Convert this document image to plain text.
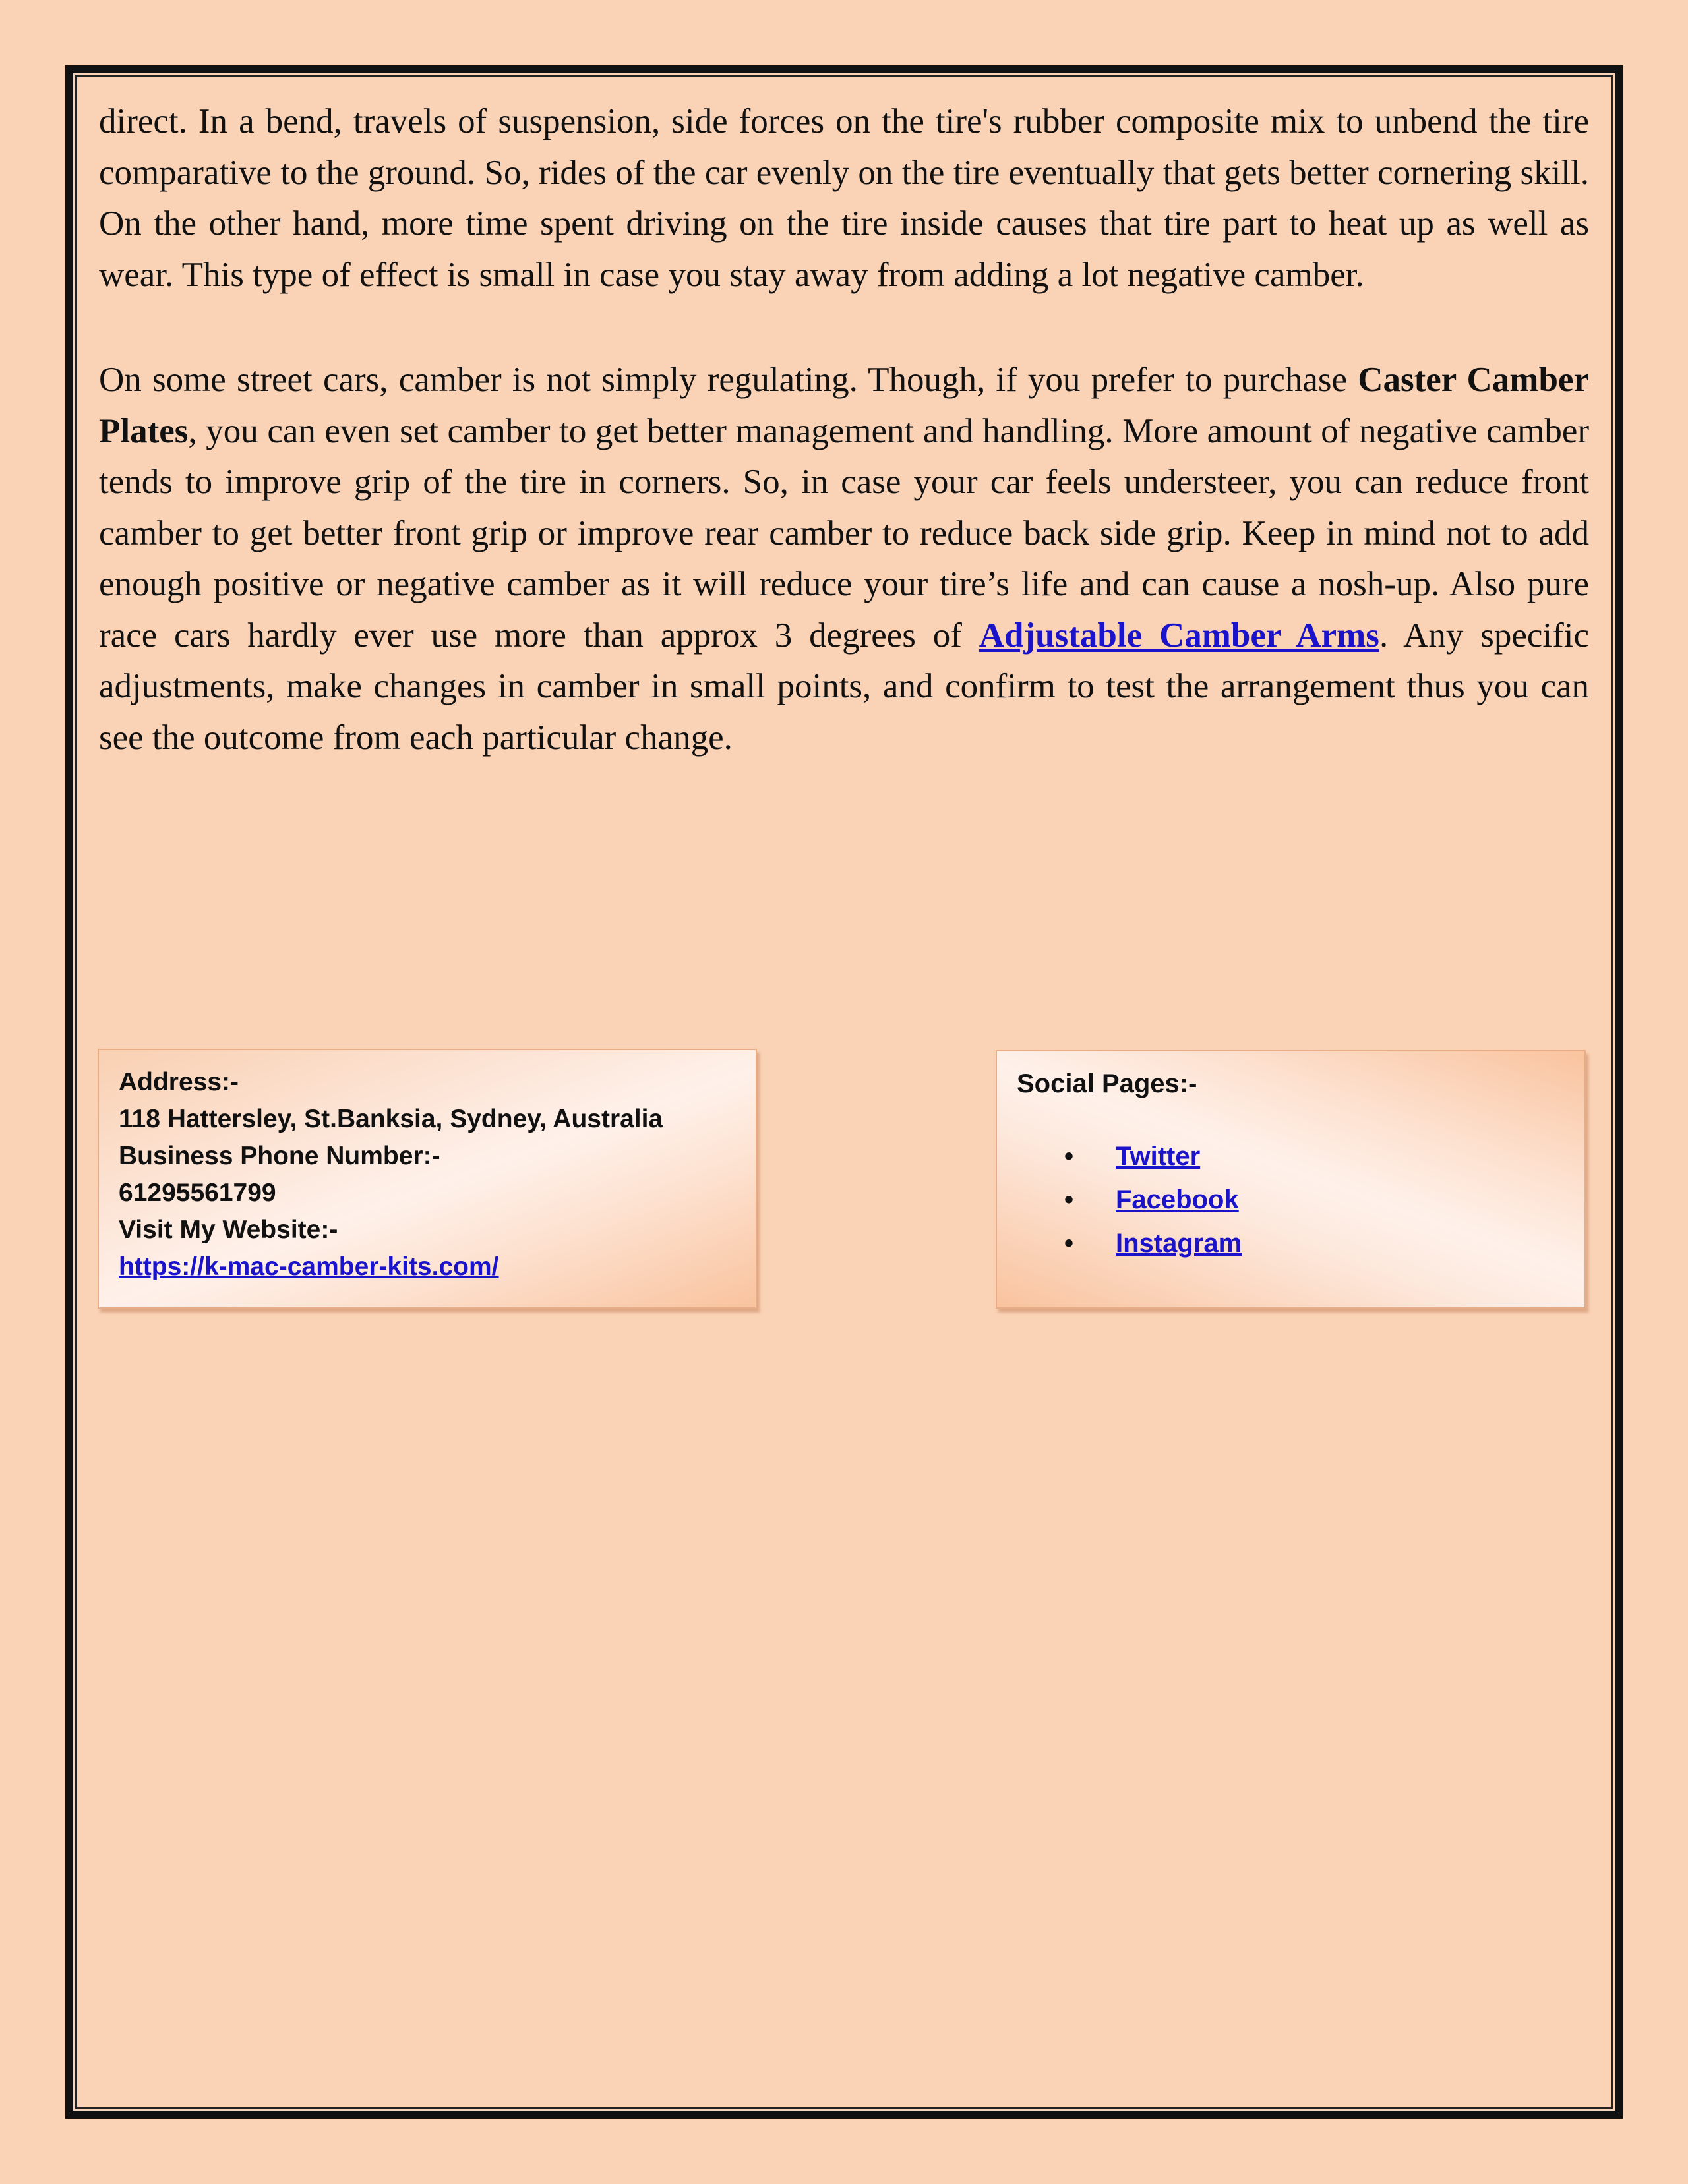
direct. In a bend, travels of suspension, side forces on the tire's rubber composite mix to unbend the tire comparative to the ground. So, rides of the car evenly on the tire eventually that gets better cornering skill. On the other hand, more time spent driving on the tire inside causes that tire part to heat up as well as wear. This type of effect is small in case you stay away from adding a lot negative camber.

On some street cars, camber is not simply regulating. Though, if you prefer to purchase Caster Camber Plates, you can even set camber to get better management and handling. More amount of negative camber tends to improve grip of the tire in corners. So, in case your car feels understeer, you can reduce front camber to get better front grip or improve rear camber to reduce back side grip. Keep in mind not to add enough positive or negative camber as it will reduce your tire’s life and can cause a nosh-up. Also pure race cars hardly ever use more than approx 3 degrees of Adjustable Camber Arms. Any specific adjustments, make changes in camber in small points, and confirm to test the arrangement thus you can see the outcome from each particular change.

Address:-
118 Hattersley, St.Banksia, Sydney, Australia
Business Phone Number:-
61295561799
Visit My Website:-
https://k-mac-camber-kits.com/
Social Pages:-
• Twitter
• Facebook
• Instagram
